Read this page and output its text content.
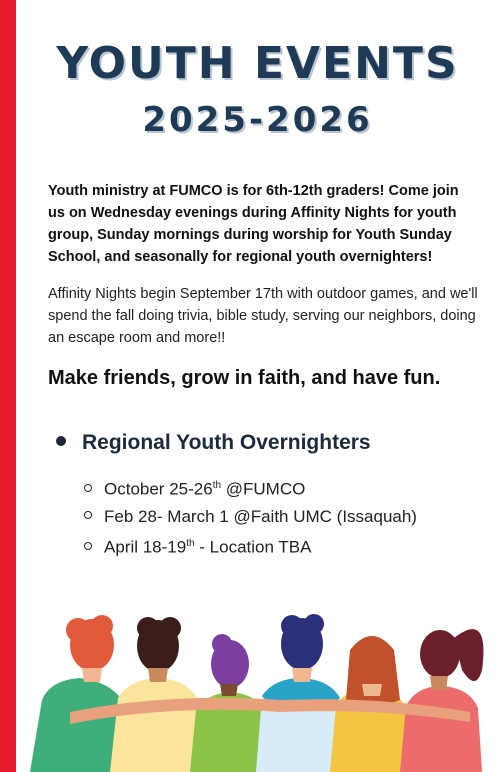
YOUTH EVENTS
2025-2026
Youth ministry at FUMCO is for 6th-12th graders! Come join us on Wednesday evenings during Affinity Nights for youth group, Sunday mornings during worship for Youth Sunday School, and seasonally for regional youth overnighters!
Affinity Nights begin September 17th with outdoor games, and we'll spend the fall doing trivia, bible study, serving our neighbors, doing an escape room and more!!
Make friends, grow in faith, and have fun.
Regional Youth Overnighters
October 25-26th @FUMCO
Feb 28- March 1 @Faith UMC (Issaquah)
April 18-19th - Location TBA
